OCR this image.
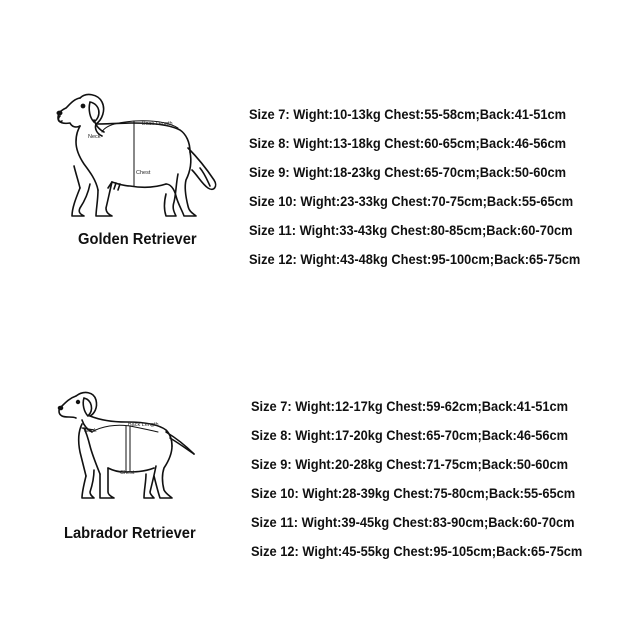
Back Length
Neck
Chest
Golden Retriever
Size 7: Wight:10-13kg Chest:55-58cm;Back:41-51cm
Size 8: Wight:13-18kg Chest:60-65cm;Back:46-56cm
Size 9: Wight:18-23kg Chest:65-70cm;Back:50-60cm
Size 10: Wight:23-33kg Chest:70-75cm;Back:55-65cm
Size 11: Wight:33-43kg Chest:80-85cm;Back:60-70cm
Size 12: Wight:43-48kg Chest:95-100cm;Back:65-75cm
Back Length
Neck
Chest
Labrador Retriever
Size 7: Wight:12-17kg Chest:59-62cm;Back:41-51cm
Size 8: Wight:17-20kg Chest:65-70cm;Back:46-56cm
Size 9: Wight:20-28kg Chest:71-75cm;Back:50-60cm
Size 10: Wight:28-39kg Chest:75-80cm;Back:55-65cm
Size 11: Wight:39-45kg Chest:83-90cm;Back:60-70cm
Size 12: Wight:45-55kg Chest:95-105cm;Back:65-75cm
